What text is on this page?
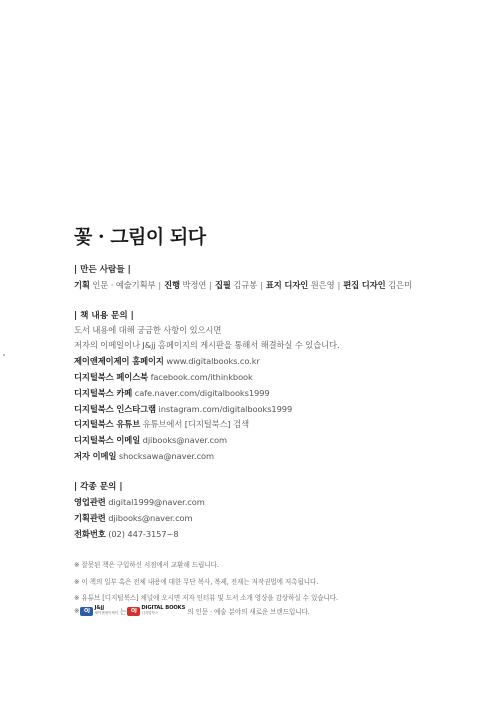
꽃 · 그림이 되다
| 만든 사람들 |
기획 인문 · 예술기획부 | 진행 박정연 | 집필 김규봉 | 표지 디자인 원은영 | 편집 디자인 김은미
| 책 내용 문의 |
도서 내용에 대해 궁금한 사항이 있으시면
저자의 이메일이나 J&jj 홈페이지의 게시판을 통해서 해결하실 수 있습니다.
제이앤제이제이 홈페이지 www.digitalbooks.co.kr
디지털북스 페이스북 facebook.com/ithinkbook
디지털북스 카페 cafe.naver.com/digitalbooks1999
디지털북스 인스타그램 instagram.com/digitalbooks1999
디지털북스 유튜브 유튜브에서 [디지털북스] 검색
디지털북스 이메일 djibooks@naver.com
저자 이메일 shocksawa@naver.com
| 각종 문의 |
영업관련 digital1999@naver.com
기획관련 djibooks@naver.com
전화번호 (02) 447-3157~8
※ 잘못된 책은 구입하신 서점에서 교환해 드립니다.
※ 이 책의 일부 혹은 전체 내용에 대한 무단 복사, 복제, 전재는 저작권법에 저촉됩니다.
※ 유튜브 [디지털북스] 채널에 오시면 저자 인터뷰 및 도서 소개 영상을 감상하실 수 있습니다.
※ OJ J&jj
제이앤제이제이 는 OJ DIGITAL BOOKS
디지털북스	의 인문 · 예술 분야의 새로운 브랜드입니다.
